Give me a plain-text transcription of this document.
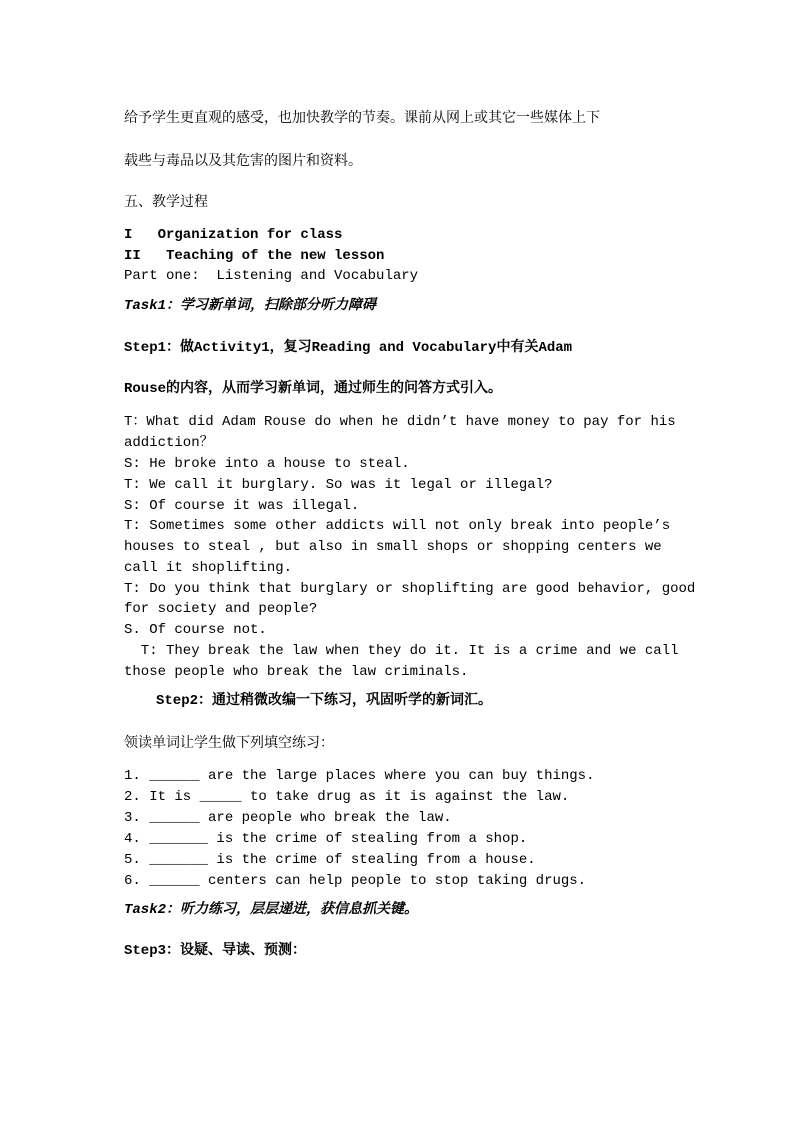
给予学生更直观的感受，也加快教学的节奏。课前从网上或其它一些媒体上下
载些与毒品以及其危害的图片和资料。
五、教学过程
I   Organization for class
II   Teaching of the new lesson
Part one:  Listening and Vocabulary
Task1：学习新单词，扫除部分听力障碍
Step1：做Activity1，复习Reading and Vocabulary中有关Adam
Rouse的内容，从而学习新单词，通过师生的问答方式引入。
T：What did Adam Rouse do when he didn’t have money to pay for his
addiction？
S: He broke into a house to steal.
T: We call it burglary. So was it legal or illegal?
S: Of course it was illegal.
T: Sometimes some other addicts will not only break into people’s
houses to steal , but also in small shops or shopping centers we
call it shoplifting.
T: Do you think that burglary or shoplifting are good behavior, good
for society and people?
S. Of course not.
T: They break the law when they do it. It is a crime and we call
those people who break the law criminals.
Step2：通过稍微改编一下练习，巩固听学的新词汇。
领读单词让学生做下列填空练习：
1. ______ are the large places where you can buy things.
2. It is _____ to take drug as it is against the law.
3. ______ are people who break the law.
4. _______ is the crime of stealing from a shop.
5. _______ is the crime of stealing from a house.
6. ______ centers can help people to stop taking drugs.
Task2：听力练习，层层递进，获信息抓关键。
Step3：设疑、导读、预测：
